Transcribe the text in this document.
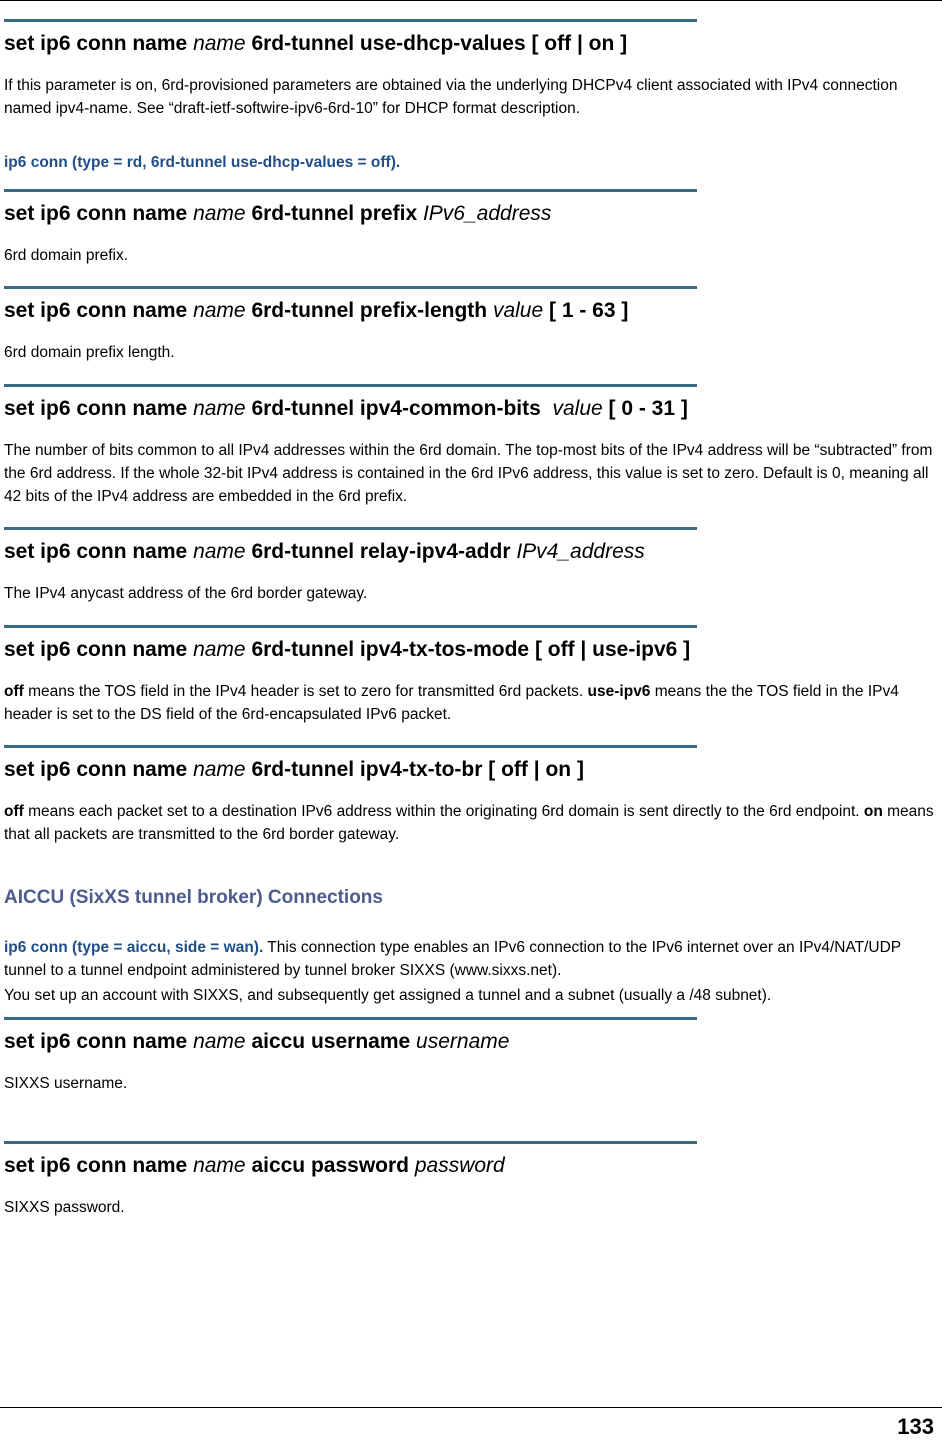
set ip6 conn name name 6rd-tunnel use-dhcp-values [ off | on ]

If this parameter is on, 6rd-provisioned parameters are obtained via the underlying DHCPv4 client associated with IPv4 connection named ipv4-name. See “draft-ietf-softwire-ipv6-6rd-10” for DHCP format description.

ip6 conn (type = rd, 6rd-tunnel use-dhcp-values = off).

set ip6 conn name name 6rd-tunnel prefix IPv6_address

6rd domain prefix.

set ip6 conn name name 6rd-tunnel prefix-length value [ 1 - 63 ]

6rd domain prefix length.

set ip6 conn name name 6rd-tunnel ipv4-common-bits value [ 0 - 31 ]

The number of bits common to all IPv4 addresses within the 6rd domain. The top-most bits of the IPv4 address will be “subtracted” from the 6rd address. If the whole 32-bit IPv4 address is contained in the 6rd IPv6 address, this value is set to zero. Default is 0, meaning all 42 bits of the IPv4 address are embedded in the 6rd prefix.

set ip6 conn name name 6rd-tunnel relay-ipv4-addr IPv4_address

The IPv4 anycast address of the 6rd border gateway.

set ip6 conn name name 6rd-tunnel ipv4-tx-tos-mode [ off | use-ipv6 ]

off means the TOS field in the IPv4 header is set to zero for transmitted 6rd packets. use-ipv6 means the the TOS field in the IPv4 header is set to the DS field of the 6rd-encapsulated IPv6 packet.

set ip6 conn name name 6rd-tunnel ipv4-tx-to-br [ off | on ]

off means each packet set to a destination IPv6 address within the originating 6rd domain is sent directly to the 6rd endpoint. on means that all packets are transmitted to the 6rd border gateway.

AICCU (SixXS tunnel broker) Connections

ip6 conn (type = aiccu, side = wan). This connection type enables an IPv6 connection to the IPv6 internet over an IPv4/NAT/UDP tunnel to a tunnel endpoint administered by tunnel broker SIXXS (www.sixxs.net).

You set up an account with SIXXS, and subsequently get assigned a tunnel and a subnet (usually a /48 subnet).

set ip6 conn name name aiccu username username

SIXXS username.

set ip6 conn name name aiccu password password

SIXXS password.

133
